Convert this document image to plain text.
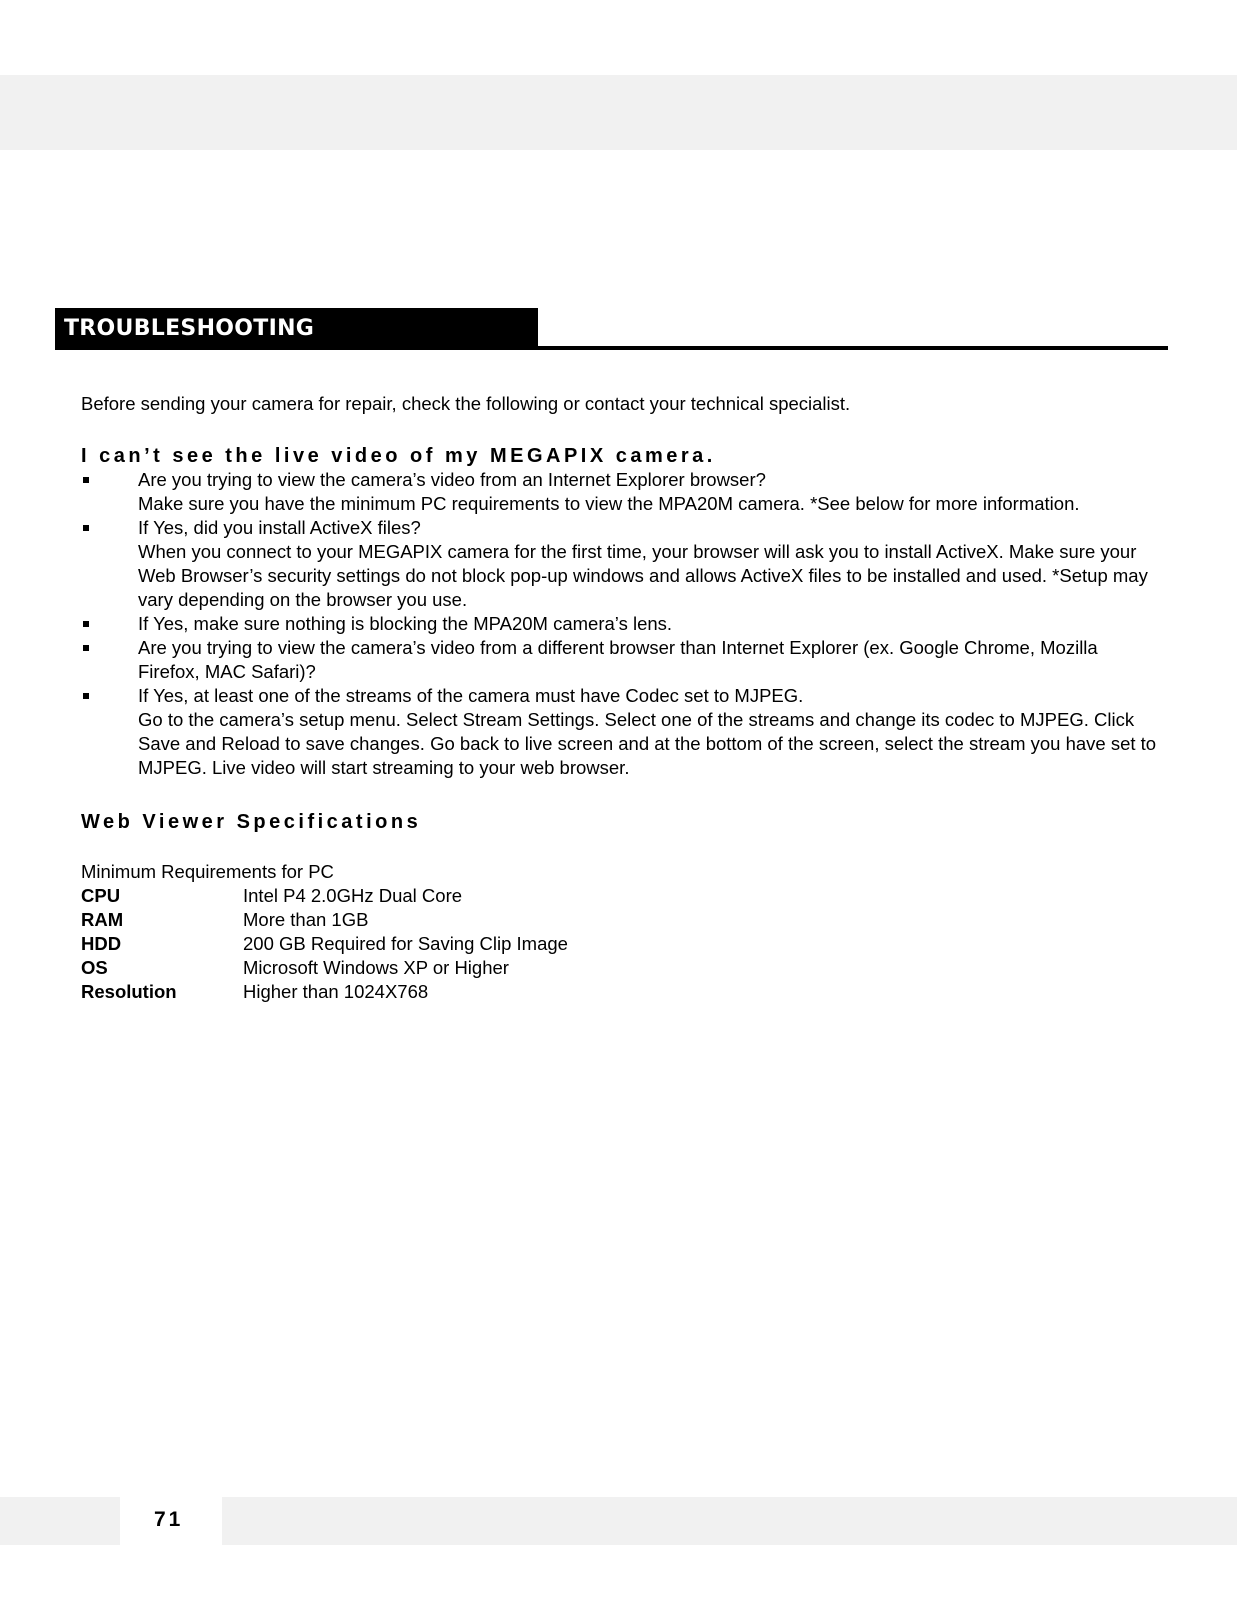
TROUBLESHOOTING

Before sending your camera for repair, check the following or contact your technical specialist.

I can’t see the live video of my MEGAPIX camera.

Are you trying to view the camera’s video from an Internet Explorer browser?
Make sure you have the minimum PC requirements to view the MPA20M camera. *See below for more information.
If Yes, did you install ActiveX files?
When you connect to your MEGAPIX camera for the first time, your browser will ask you to install ActiveX. Make sure your Web Browser’s security settings do not block pop-up windows and allows ActiveX files to be installed and used. *Setup may vary depending on the browser you use.
If Yes, make sure nothing is blocking the MPA20M camera’s lens.
Are you trying to view the camera’s video from a different browser than Internet Explorer (ex. Google Chrome, Mozilla Firefox, MAC Safari)?
If Yes, at least one of the streams of the camera must have Codec set to MJPEG.
Go to the camera’s setup menu. Select Stream Settings. Select one of the streams and change its codec to MJPEG. Click Save and Reload to save changes. Go back to live screen and at the bottom of the screen, select the stream you have set to MJPEG. Live video will start streaming to your web browser.

Web Viewer Specifications

Minimum Requirements for PC

CPU	Intel P4 2.0GHz Dual Core
RAM	More than 1GB
HDD	200 GB Required for Saving Clip Image
OS	Microsoft Windows XP or Higher
Resolution	Higher than 1024X768
71
